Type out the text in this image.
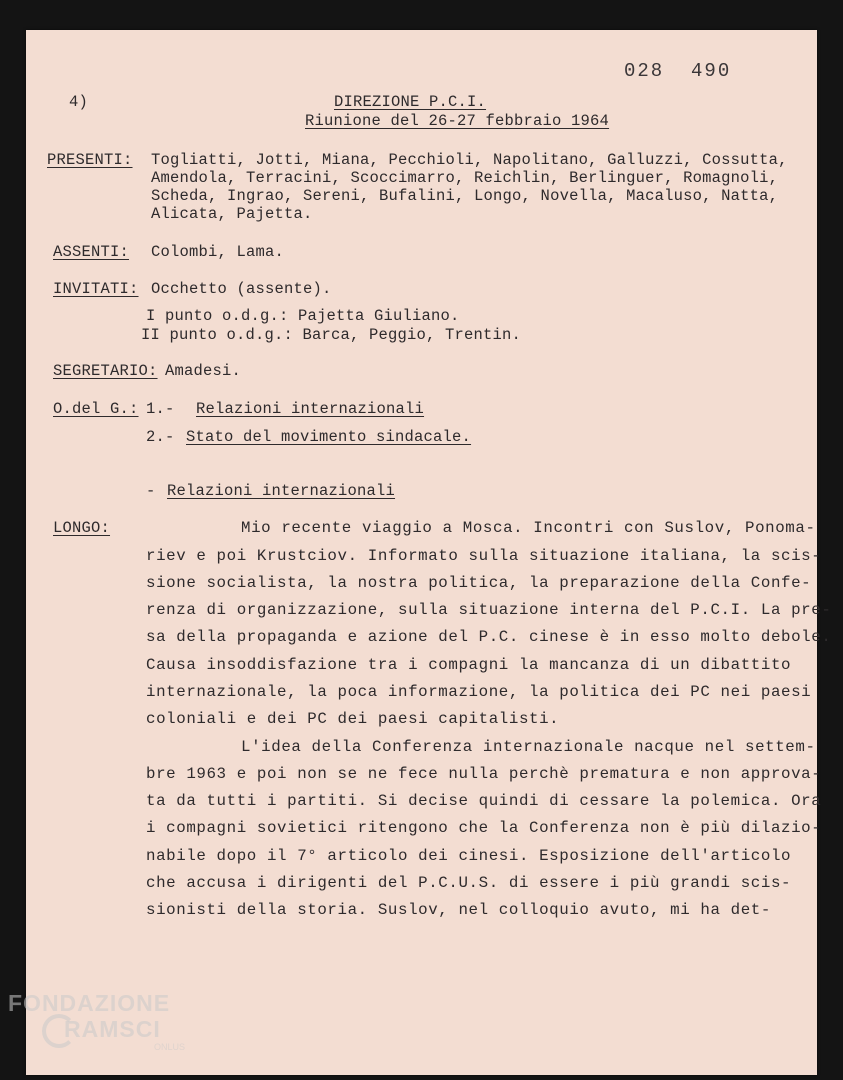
028  490
4)	DIREZIONE P.C.I.
Riunione del 26-27 febbraio 1964
PRESENTI: Togliatti, Jotti, Miana, Pecchioli, Napolitano, Galluzzi, Cossutta,
Amendola, Terracini, Scoccimarro, Reichlin, Berlinguer, Romagnoli,
Scheda, Ingrao, Sereni, Bufalini, Longo, Novella, Macaluso, Natta,
Alicata, Pajetta.
ASSENTI: Colombi, Lama.
INVITATI: Occhetto (assente).
I punto o.d.g.: Pajetta Giuliano.
II punto o.d.g.: Barca, Peggio, Trentin.
SEGRETARIO: Amadesi.
O.del G.: 1.- Relazioni internazionali
2.- Stato del movimento sindacale.
- Relazioni internazionali
LONGO:	Mio recente viaggio a Mosca. Incontri con Suslov, Ponoma-
riev e poi Krustciov. Informato sulla situazione italiana, la scis-
sione socialista, la nostra politica, la preparazione della Confe-
renza di organizzazione, sulla situazione interna del P.C.I. La pre-
sa della propaganda e azione del P.C. cinese è in esso molto debole.
Causa insoddisfazione tra i compagni la mancanza di un dibattito
internazionale, la poca informazione, la politica dei PC nei paesi
coloniali e dei PC dei paesi capitalisti.
L'idea della Conferenza internazionale nacque nel settem-
bre 1963 e poi non se ne fece nulla perchè prematura e non approva-
ta da tutti i partiti. Si decise quindi di cessare la polemica. Ora
i compagni sovietici ritengono che la Conferenza non è più dilazio-
nabile dopo il 7° articolo dei cinesi. Esposizione dell'articolo
che accusa i dirigenti del P.C.U.S. di essere i più grandi scis-
sionisti della storia. Suslov, nel colloquio avuto, mi ha det-
FONDAZIONE
RAMSCI
ONLUS
